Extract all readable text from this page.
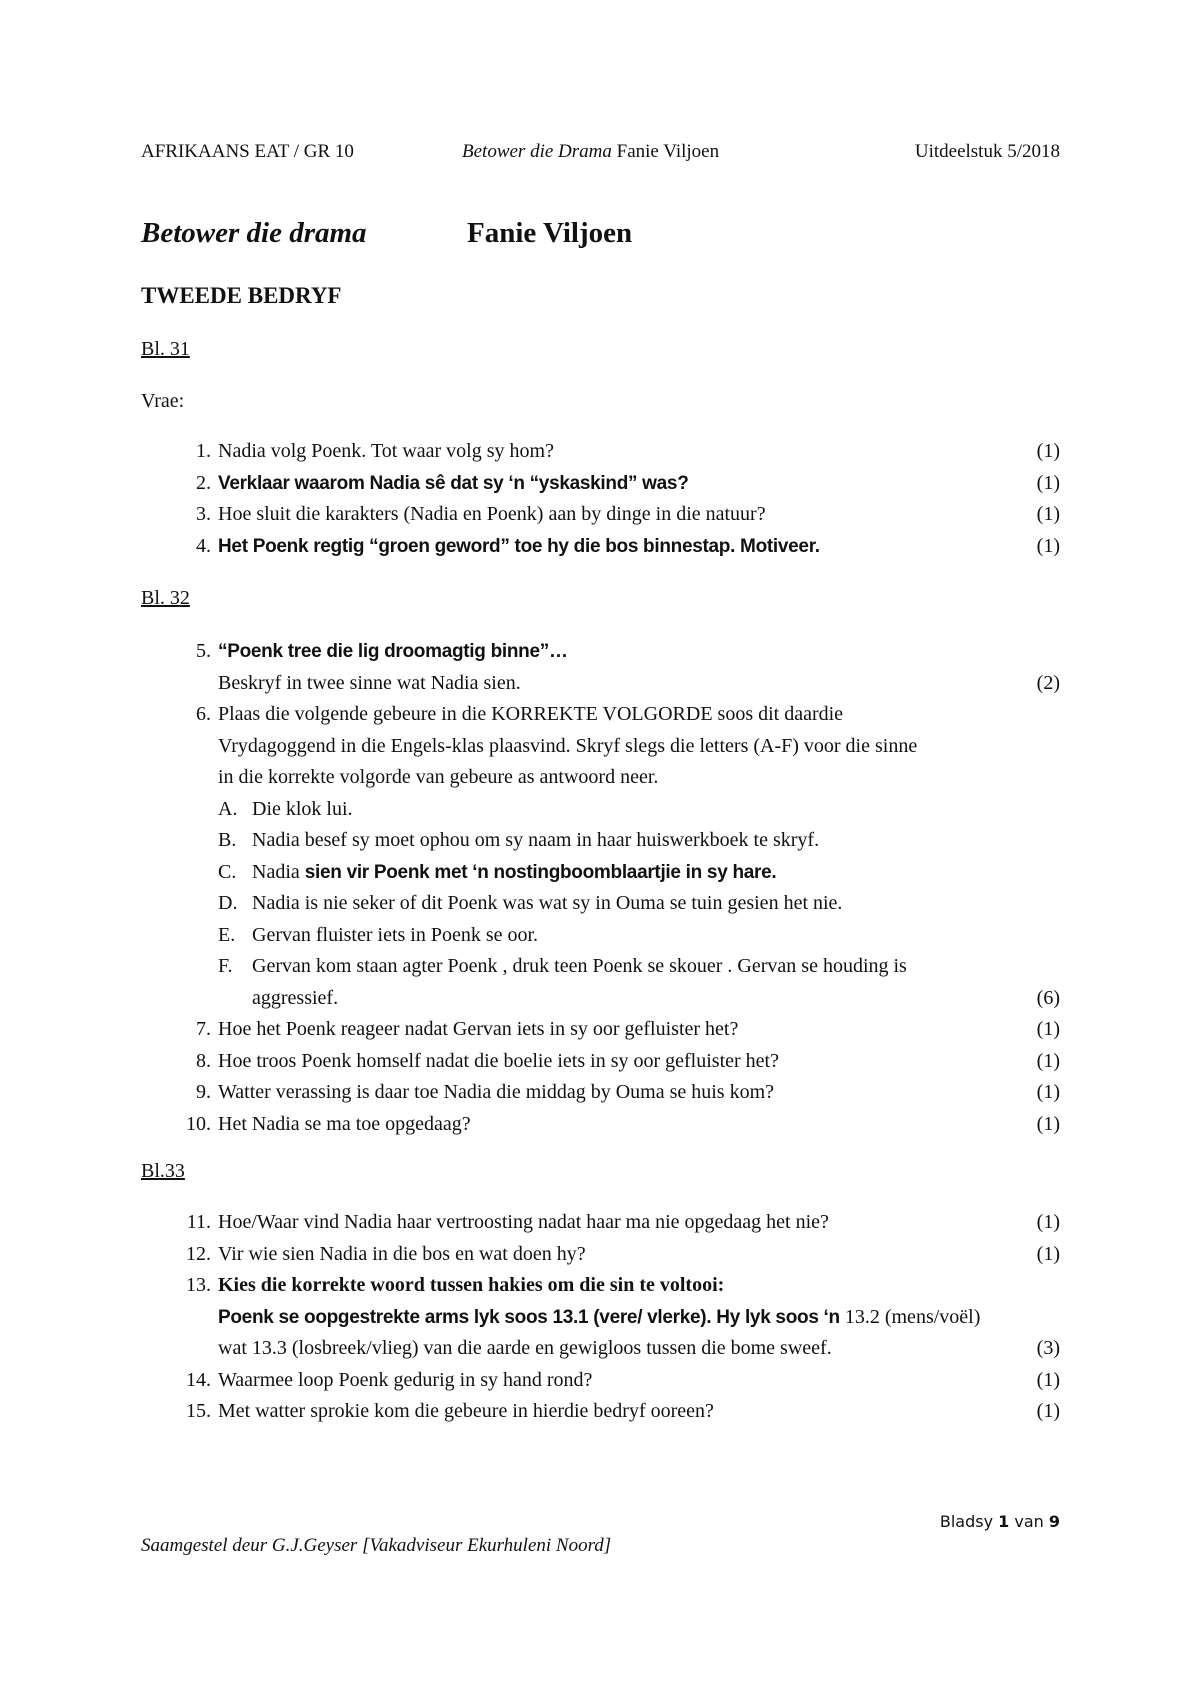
AFRIKAANS EAT / GR 10	Betower die Drama Fanie Viljoen	Uitdeelstuk 5/2018
Betower die drama	Fanie Viljoen
TWEEDE BEDRYF
Bl. 31
Vrae:
1. Nadia volg Poenk. Tot waar volg sy hom?	(1)
2. Verklaar waarom Nadia sê dat sy ‘n “yskaskind” was?	(1)
3. Hoe sluit die karakters (Nadia en Poenk) aan by dinge in die natuur?	(1)
4. Het Poenk regtig “groen geword” toe hy die bos binnestap. Motiveer.	(1)
Bl. 32
5. “Poenk tree die lig droomagtig binne”…
Beskryf in twee sinne wat Nadia sien.	(2)
6. Plaas die volgende gebeure in die KORREKTE VOLGORDE soos dit daardie
Vrydagoggend in die Engels-klas plaasvind. Skryf slegs die letters (A-F) voor die sinne
in die korrekte volgorde van gebeure as antwoord neer.
A. Die klok lui.
B. Nadia besef sy moet ophou om sy naam in haar huiswerkboek te skryf.
C. Nadia sien vir Poenk met ‘n nostingboomblaartjie in sy hare.
D. Nadia is nie seker of dit Poenk was wat sy in Ouma se tuin gesien het nie.
E. Gervan fluister iets in Poenk se oor.
F. Gervan kom staan agter Poenk , druk teen Poenk se skouer . Gervan se houding is
aggressief.	(6)
7. Hoe het Poenk reageer nadat Gervan iets in sy oor gefluister het?	(1)
8. Hoe troos Poenk homself nadat die boelie iets in sy oor gefluister het?	(1)
9. Watter verassing is daar toe Nadia die middag by Ouma se huis kom?	(1)
10. Het Nadia se ma toe opgedaag?	(1)
Bl.33
11. Hoe/Waar vind Nadia haar vertroosting nadat haar ma nie opgedaag het nie?	(1)
12. Vir wie sien Nadia in die bos en wat doen hy?	(1)
13. Kies die korrekte woord tussen hakies om die sin te voltooi:
Poenk se oopgestrekte arms lyk soos 13.1 (vere/ vlerke). Hy lyk soos ‘n 13.2 (mens/voël)
wat 13.3 (losbreek/vlieg) van die aarde en gewigloos tussen die bome sweef.	(3)
14. Waarmee loop Poenk gedurig in sy hand rond?	(1)
15. Met watter sprokie kom die gebeure in hierdie bedryf ooreen?	(1)
Bladsy 1 van 9
Saamgestel deur G.J.Geyser [Vakadviseur Ekurhuleni Noord]
